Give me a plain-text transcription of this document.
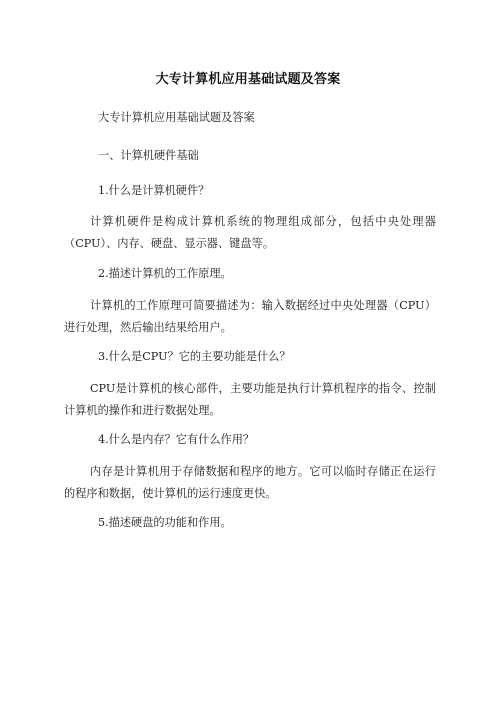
大专计算机应用基础试题及答案
大专计算机应用基础试题及答案
一、计算机硬件基础
1.什么是计算机硬件？
计算机硬件是构成计算机系统的物理组成部分，包括中央处理器（CPU）、内存、硬盘、显示器、键盘等。
2.描述计算机的工作原理。
计算机的工作原理可简要描述为：输入数据经过中央处理器（CPU）进行处理，然后输出结果给用户。
3.什么是CPU？它的主要功能是什么？
CPU是计算机的核心部件，主要功能是执行计算机程序的指令、控制计算机的操作和进行数据处理。
4.什么是内存？它有什么作用？
内存是计算机用于存储数据和程序的地方。它可以临时存储正在运行的程序和数据，使计算机的运行速度更快。
5.描述硬盘的功能和作用。
